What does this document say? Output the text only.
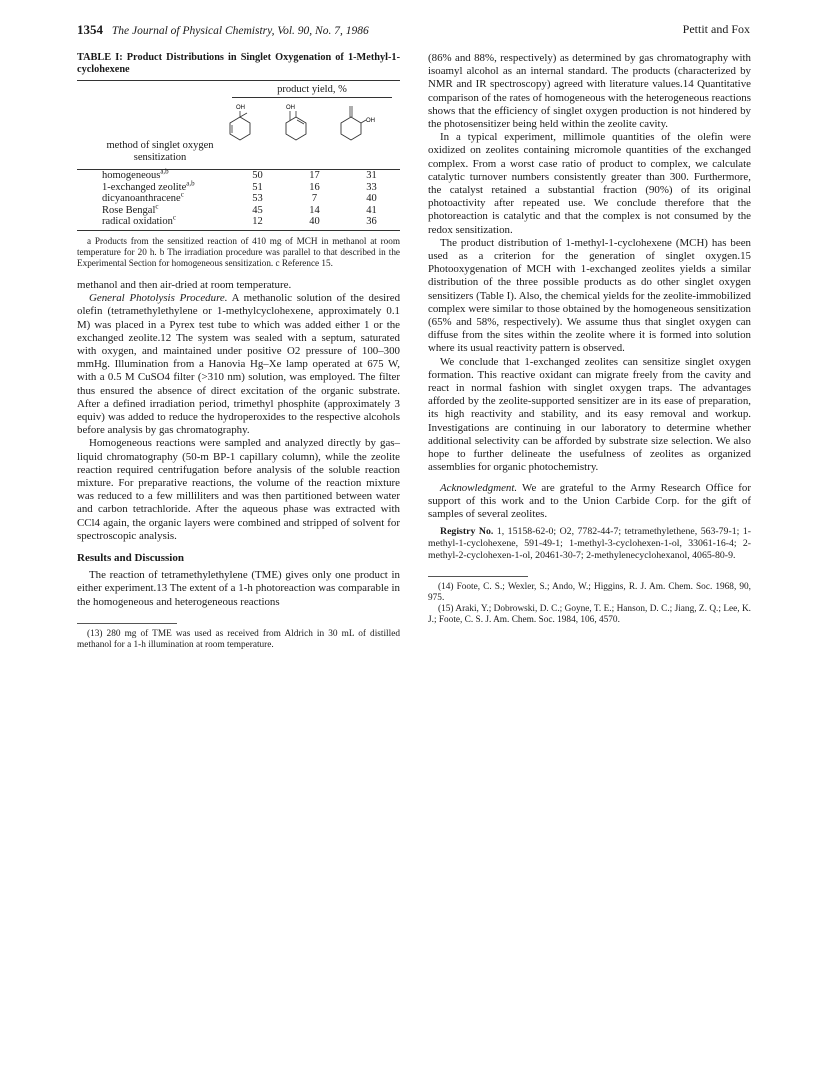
1354 The Journal of Physical Chemistry, Vol. 90, No. 7, 1986	Pettit and Fox
TABLE I: Product Distributions in Singlet Oxygenation of 1-Methyl-1-cyclohexene
product yield, %
OH	OH
OH
method of singlet oxygen sensitization
homogeneous$^{a,b}$	50	17	31
1-exchanged zeolite$^{a,b}$	51	16	33
dicyanoanthracene$^c$	53	7	40
Rose Bengal$^c$	45	14	41
radical oxidation$^c$	12	40	36
a Products from the sensitized reaction of 410 mg of MCH in methanol at room temperature for 20 h. b The irradiation procedure was parallel to that described in the Experimental Section for homogeneous sensitization. c Reference 15.

methanol and then air-dried at room temperature.

General Photolysis Procedure. A methanolic solution of the desired olefin (tetramethylethylene or 1-methylcyclohexene, approximately 0.1 M) was placed in a Pyrex test tube to which was added either 1 or the exchanged zeolite.12 The system was sealed with a septum, saturated with oxygen, and maintained under positive O2 pressure of 100–300 mmHg. Illumination from a Hanovia Hg–Xe lamp operated at 675 W, with a 0.5 M CuSO4 filter (>310 nm) solution, was employed. The filter thus ensured the absence of direct excitation of the organic substrate. After a defined irradiation period, trimethyl phosphite (approximately 3 equiv) was added to reduce the hydroperoxides to the respective alcohols before analysis by gas chromatography.

Homogeneous reactions were sampled and analyzed directly by gas–liquid chromatography (50-m BP-1 capillary column), while the zeolite reaction required centrifugation before analysis of the soluble reaction mixture. For preparative reactions, the volume of the reaction mixture was reduced to a few milliliters and was then partitioned between water and carbon tetrachloride. After the aqueous phase was extracted with CCl4 again, the organic layers were combined and stripped of solvent for spectroscopic analysis.

Results and Discussion

The reaction of tetramethylethylene (TME) gives only one product in either experiment.13 The extent of a 1-h photoreaction was comparable in the homogeneous and heterogeneous reactions

(13) 280 mg of TME was used as received from Aldrich in 30 mL of distilled methanol for a 1-h illumination at room temperature.

(86% and 88%, respectively) as determined by gas chromatography with isoamyl alcohol as an internal standard. The products (characterized by NMR and IR spectroscopy) agreed with literature values.14 Quantitative comparison of the rates of homogeneous with the heterogeneous reactions shows that the efficiency of singlet oxygen production is not hindered by the photosensitizer being held within the zeolite cavity.

In a typical experiment, millimole quantities of the olefin were oxidized on zeolites containing micromole quantities of the exchanged complex. From a worst case ratio of product to complex, we calculate catalytic turnover numbers consistently greater than 300. Furthermore, the catalyst retained a substantial fraction (90%) of its original photoactivity after repeated use. We conclude therefore that the photoreaction is catalytic and that the complex is not consumed by the redox sensitization.

The product distribution of 1-methyl-1-cyclohexene (MCH) has been used as a criterion for the generation of singlet oxygen.15 Photooxygenation of MCH with 1-exchanged zeolites yields a similar distribution of the three possible products as do other singlet oxygen sensitizers (Table I). Also, the chemical yields for the zeolite-immobilized complex were similar to those obtained by the homogeneous sensitization (65% and 58%, respectively). We assume thus that singlet oxygen can diffuse from the sites within the zeolite where it is formed into solution where its usual reactivity pattern is observed.

We conclude that 1-exchanged zeolites can sensitize singlet oxygen formation. This reactive oxidant can migrate freely from the cavity and react in normal fashion with singlet oxygen traps. The advantages afforded by the zeolite-supported sensitizer are in its ease of preparation, its high reactivity and stability, and its easy removal and workup. Investigations are continuing in our laboratory to determine whether additional selectivity can be afforded by substrate size selection. We also hope to further delineate the usefulness of zeolites as organized assemblies for organic photochemistry.

Acknowledgment. We are grateful to the Army Research Office for support of this work and to the Union Carbide Corp. for the gift of samples of several zeolites.

Registry No. 1, 15158-62-0; O2, 7782-44-7; tetramethylethene, 563-79-1; 1-methyl-1-cyclohexene, 591-49-1; 1-methyl-3-cyclohexen-1-ol, 33061-16-4; 2-methyl-2-cyclohexen-1-ol, 20461-30-7; 2-methylenecyclohexanol, 4065-80-9.

(14) Foote, C. S.; Wexler, S.; Ando, W.; Higgins, R. J. Am. Chem. Soc. 1968, 90, 975.

(15) Araki, Y.; Dobrowski, D. C.; Goyne, T. E.; Hanson, D. C.; Jiang, Z. Q.; Lee, K. J.; Foote, C. S. J. Am. Chem. Soc. 1984, 106, 4570.
